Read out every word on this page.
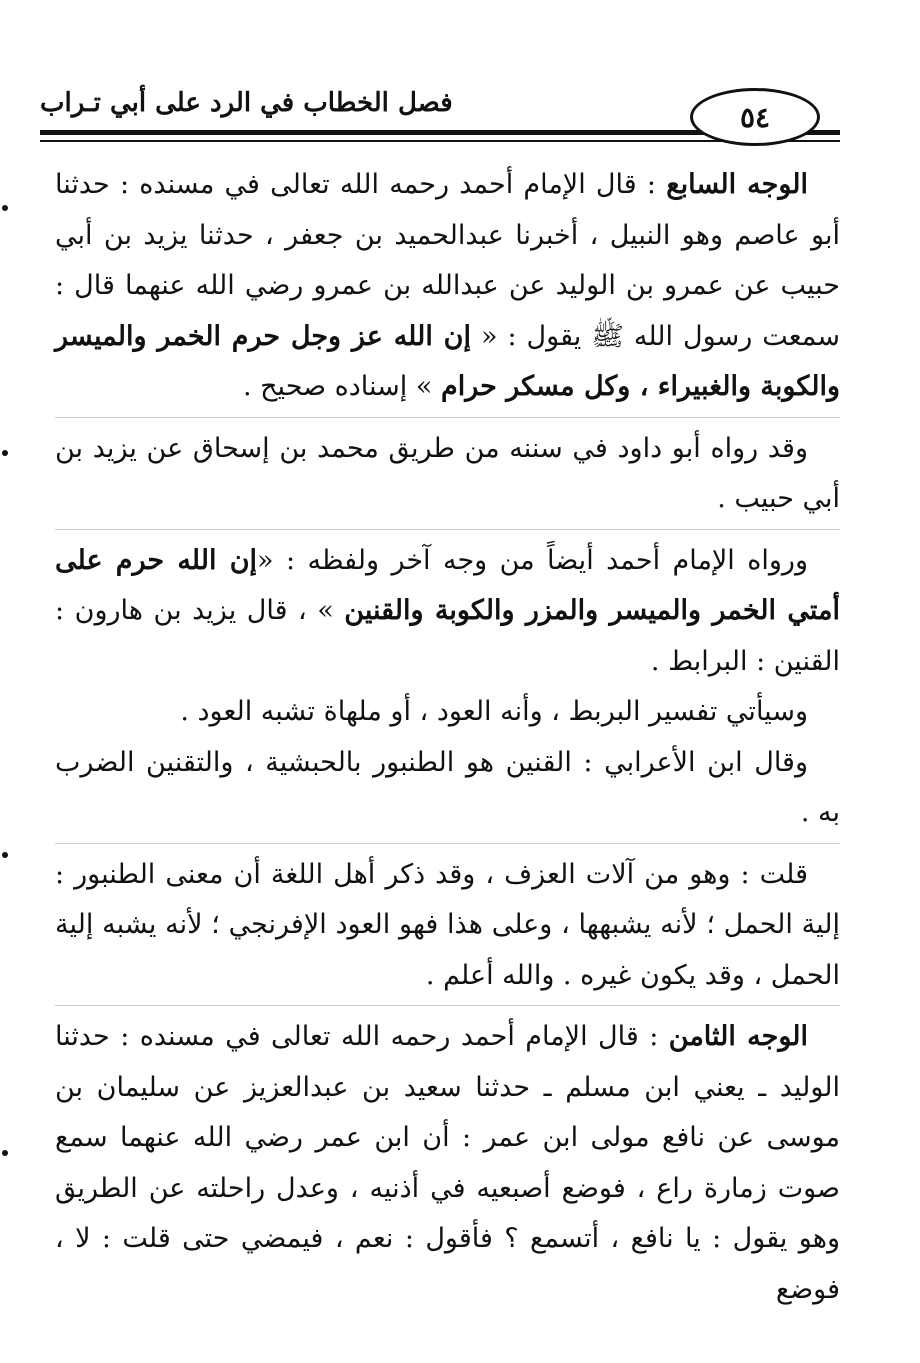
فصل الخطاب في الرد على أبي تـراب	٥٤

الوجه السابع : قال الإمام أحمد رحمه الله تعالى في مسنده : حدثنا أبو عاصم وهو النبيل ، أخبرنا عبدالحميد بن جعفر ، حدثنا يزيد بن أبي حبيب عن عمرو بن الوليد عن عبدالله بن عمرو رضي الله عنهما قال : سمعت رسول الله ﷺ يقول : « إن الله عز وجل حرم الخمر والميسر والكوبة والغبيراء ، وكل مسكر حرام » إسناده صحيح .

وقد رواه أبو داود في سننه من طريق محمد بن إسحاق عن يزيد بن أبي حبيب .

ورواه الإمام أحمد أيضاً من وجه آخر ولفظه : «إن الله حرم على أمتي الخمر والميسر والمزر والكوبة والقنين » ، قال يزيد بن هارون : القنين : البرابط .

وسيأتي تفسير البربط ، وأنه العود ، أو ملهاة تشبه العود .

وقال ابن الأعرابي : القنين هو الطنبور بالحبشية ، والتقنين الضرب به .

قلت : وهو من آلات العزف ، وقد ذكر أهل اللغة أن معنى الطنبور : إلية الحمل ؛ لأنه يشبهها ، وعلى هذا فهو العود الإفرنجي ؛ لأنه يشبه إلية الحمل ، وقد يكون غيره . والله أعلم .

الوجه الثامن : قال الإمام أحمد رحمه الله تعالى في مسنده : حدثنا الوليد ـ يعني ابن مسلم ـ حدثنا سعيد بن عبدالعزيز عن سليمان بن موسى عن نافع مولى ابن عمر : أن ابن عمر رضي الله عنهما سمع صوت زمارة راع ، فوضع أصبعيه في أذنيه ، وعدل راحلته عن الطريق وهو يقول : يا نافع ، أتسمع ؟ فأقول : نعم ، فيمضي حتى قلت : لا ، فوضع
